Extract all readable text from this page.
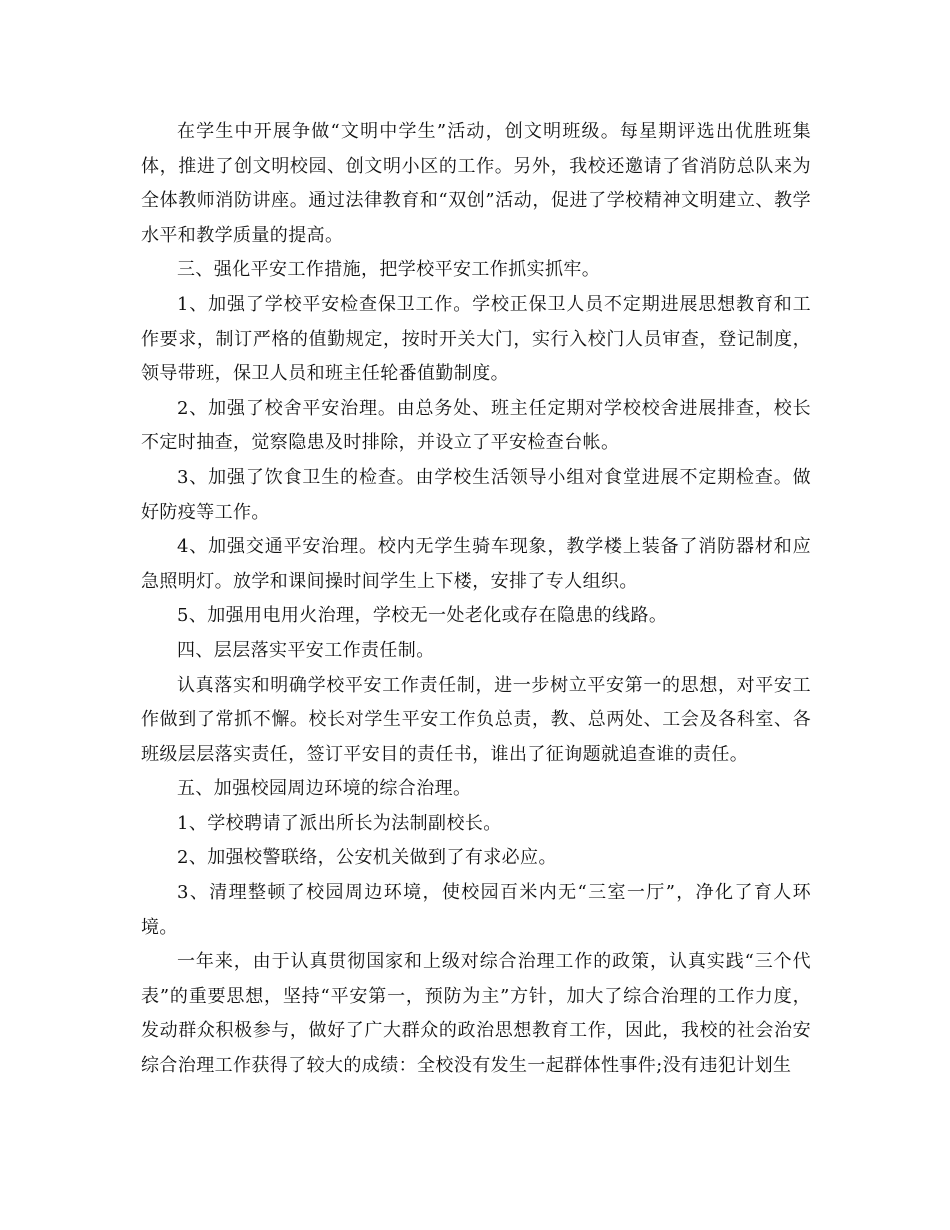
在学生中开展争做“文明中学生”活动，创文明班级。每星期评选出优胜班集体，推进了创文明校园、创文明小区的工作。另外，我校还邀请了省消防总队来为全体教师消防讲座。通过法律教育和“双创”活动，促进了学校精神文明建立、教学水平和教学质量的提高。

三、强化平安工作措施，把学校平安工作抓实抓牢。

1、加强了学校平安检查保卫工作。学校正保卫人员不定期进展思想教育和工作要求，制订严格的值勤规定，按时开关大门，实行入校门人员审查，登记制度，领导带班，保卫人员和班主任轮番值勤制度。

2、加强了校舍平安治理。由总务处、班主任定期对学校校舍进展排查，校长不定时抽查，觉察隐患及时排除，并设立了平安检查台帐。

3、加强了饮食卫生的检查。由学校生活领导小组对食堂进展不定期检查。做好防疫等工作。

4、加强交通平安治理。校内无学生骑车现象，教学楼上装备了消防器材和应急照明灯。放学和课间操时间学生上下楼，安排了专人组织。

5、加强用电用火治理，学校无一处老化或存在隐患的线路。

四、层层落实平安工作责任制。

认真落实和明确学校平安工作责任制，进一步树立平安第一的思想，对平安工作做到了常抓不懈。校长对学生平安工作负总责，教、总两处、工会及各科室、各班级层层落实责任，签订平安目的责任书，谁出了征询题就追查谁的责任。

五、加强校园周边环境的综合治理。

1、学校聘请了派出所长为法制副校长。

2、加强校警联络，公安机关做到了有求必应。

3、清理整顿了校园周边环境，使校园百米内无“三室一厅”，净化了育人环境。

一年来，由于认真贯彻国家和上级对综合治理工作的政策，认真实践“三个代表”的重要思想，坚持“平安第一，预防为主”方针，加大了综合治理的工作力度，发动群众积极参与，做好了广大群众的政治思想教育工作，因此，我校的社会治安综合治理工作获得了较大的成绩：全校没有发生一起群体性事件;没有违犯计划生
